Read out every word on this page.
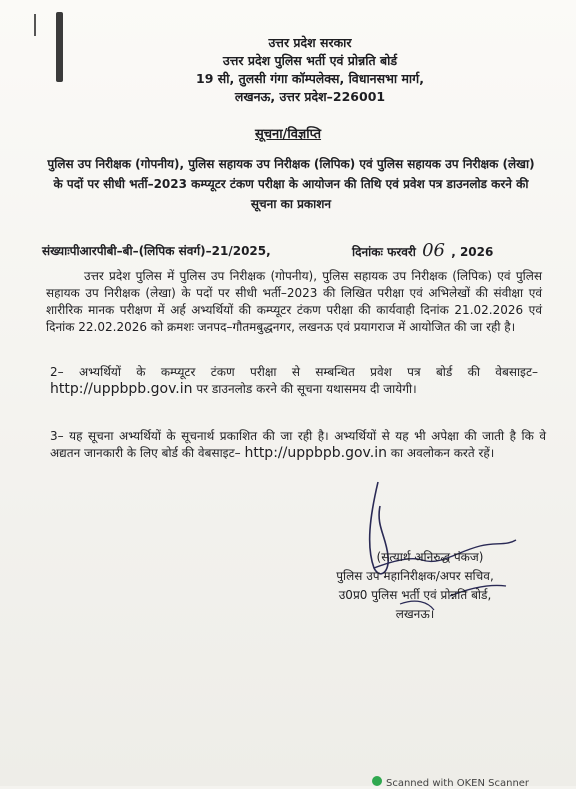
उत्तर प्रदेश सरकार
उत्तर प्रदेश पुलिस भर्ती एवं प्रोन्नति बोर्ड
19 सी, तुलसी गंगा कॉम्पलेक्स, विधानसभा मार्ग,
लखनऊ, उत्तर प्रदेश–226001
सूचना/विज्ञप्ति
पुलिस उप निरीक्षक (गोपनीय), पुलिस सहायक उप निरीक्षक (लिपिक) एवं पुलिस सहायक उप निरीक्षक (लेखा) के पदों पर सीधी भर्ती–2023 कम्प्यूटर टंकण परीक्षा के आयोजन की तिथि एवं प्रवेश पत्र डाउनलोड करने की सूचना का प्रकाशन
संख्याःपीआरपीबी–बी–(लिपिक संवर्ग)–21/2025,	दिनांकः फरवरी 06 , 2026
उत्तर प्रदेश पुलिस में पुलिस उप निरीक्षक (गोपनीय), पुलिस सहायक उप निरीक्षक (लिपिक) एवं पुलिस सहायक उप निरीक्षक (लेखा) के पदों पर सीधी भर्ती–2023 की लिखित परीक्षा एवं अभिलेखों की संवीक्षा एवं शारीरिक मानक परीक्षण में अर्ह अभ्यर्थियों की कम्प्यूटर टंकण परीक्षा की कार्यवाही दिनांक 21.02.2026 एवं दिनांक 22.02.2026 को क्रमशः जनपद–गौतमबुद्धनगर, लखनऊ एवं प्रयागराज में आयोजित की जा रही है।
2– अभ्यर्थियों के कम्प्यूटर टंकण परीक्षा से सम्बन्धित प्रवेश पत्र बोर्ड की वेबसाइट– http://uppbpb.gov.in पर डाउनलोड करने की सूचना यथासमय दी जायेगी।
3– यह सूचना अभ्यर्थियों के सूचनार्थ प्रकाशित की जा रही है। अभ्यर्थियों से यह भी अपेक्षा की जाती है कि वे अद्यतन जानकारी के लिए बोर्ड की वेबसाइट– http://uppbpb.gov.in का अवलोकन करते रहें।
(सत्यार्थ अनिरुद्ध पंकज)
पुलिस उप महानिरीक्षक/अपर सचिव,
उ0प्र0 पुलिस भर्ती एवं प्रोन्नति बोर्ड,
लखनऊ।
Scanned with OKEN Scanner
